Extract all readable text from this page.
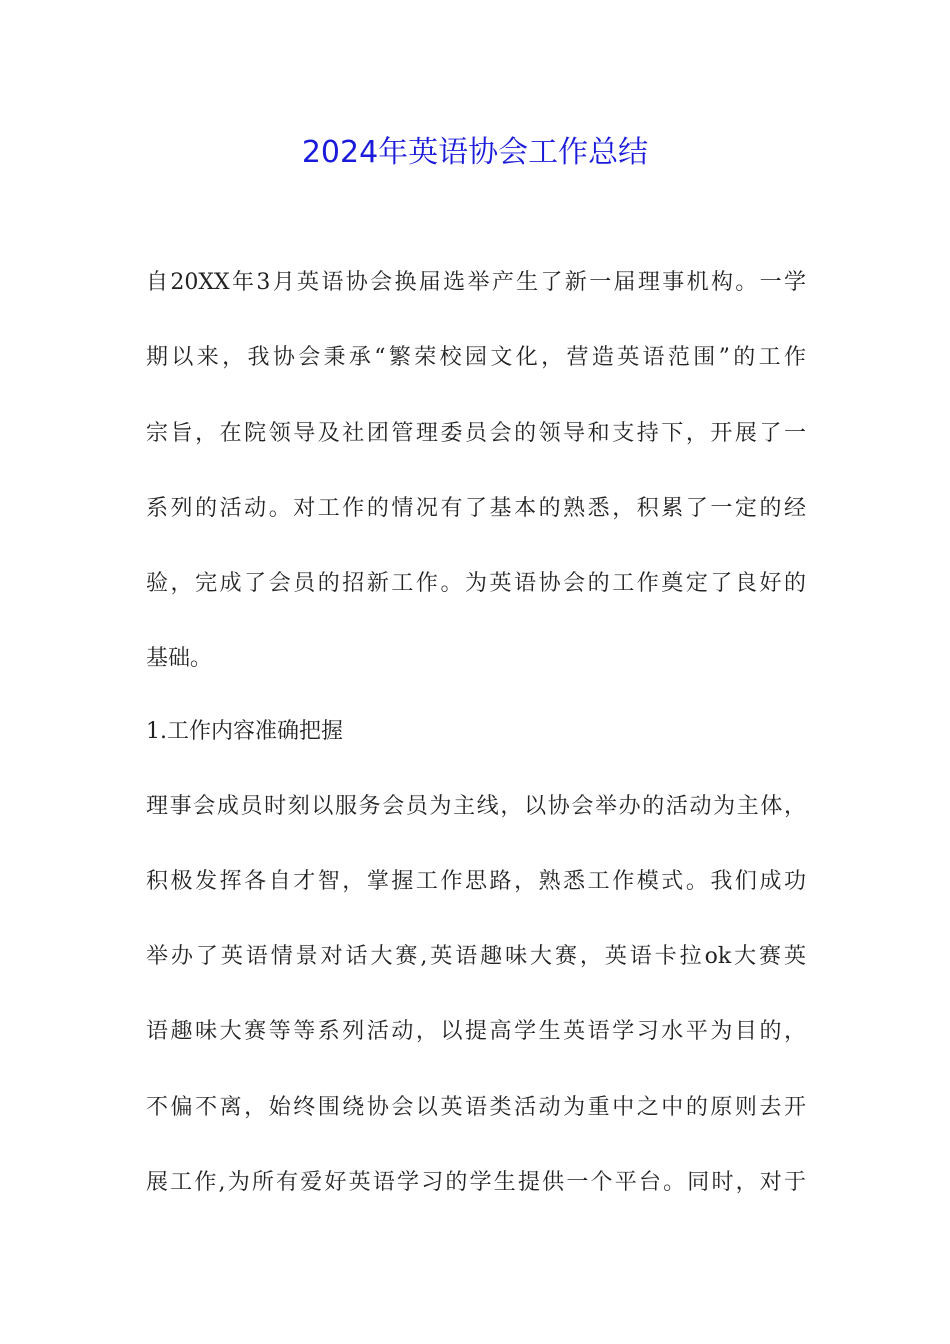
2024年英语协会工作总结

自20XX年3月英语协会换届选举产生了新一届理事机构。一学

期以来，我协会秉承“繁荣校园文化，营造英语范围”的工作

宗旨，在院领导及社团管理委员会的领导和支持下，开展了一

系列的活动。对工作的情况有了基本的熟悉，积累了一定的经

验，完成了会员的招新工作。为英语协会的工作奠定了良好的

基础。

1.工作内容准确把握

理事会成员时刻以服务会员为主线，以协会举办的活动为主体，

积极发挥各自才智，掌握工作思路，熟悉工作模式。我们成功

举办了英语情景对话大赛,英语趣味大赛，英语卡拉ok大赛英

语趣味大赛等等系列活动，以提高学生英语学习水平为目的，

不偏不离，始终围绕协会以英语类活动为重中之中的原则去开

展工作,为所有爱好英语学习的学生提供一个平台。同时，对于
